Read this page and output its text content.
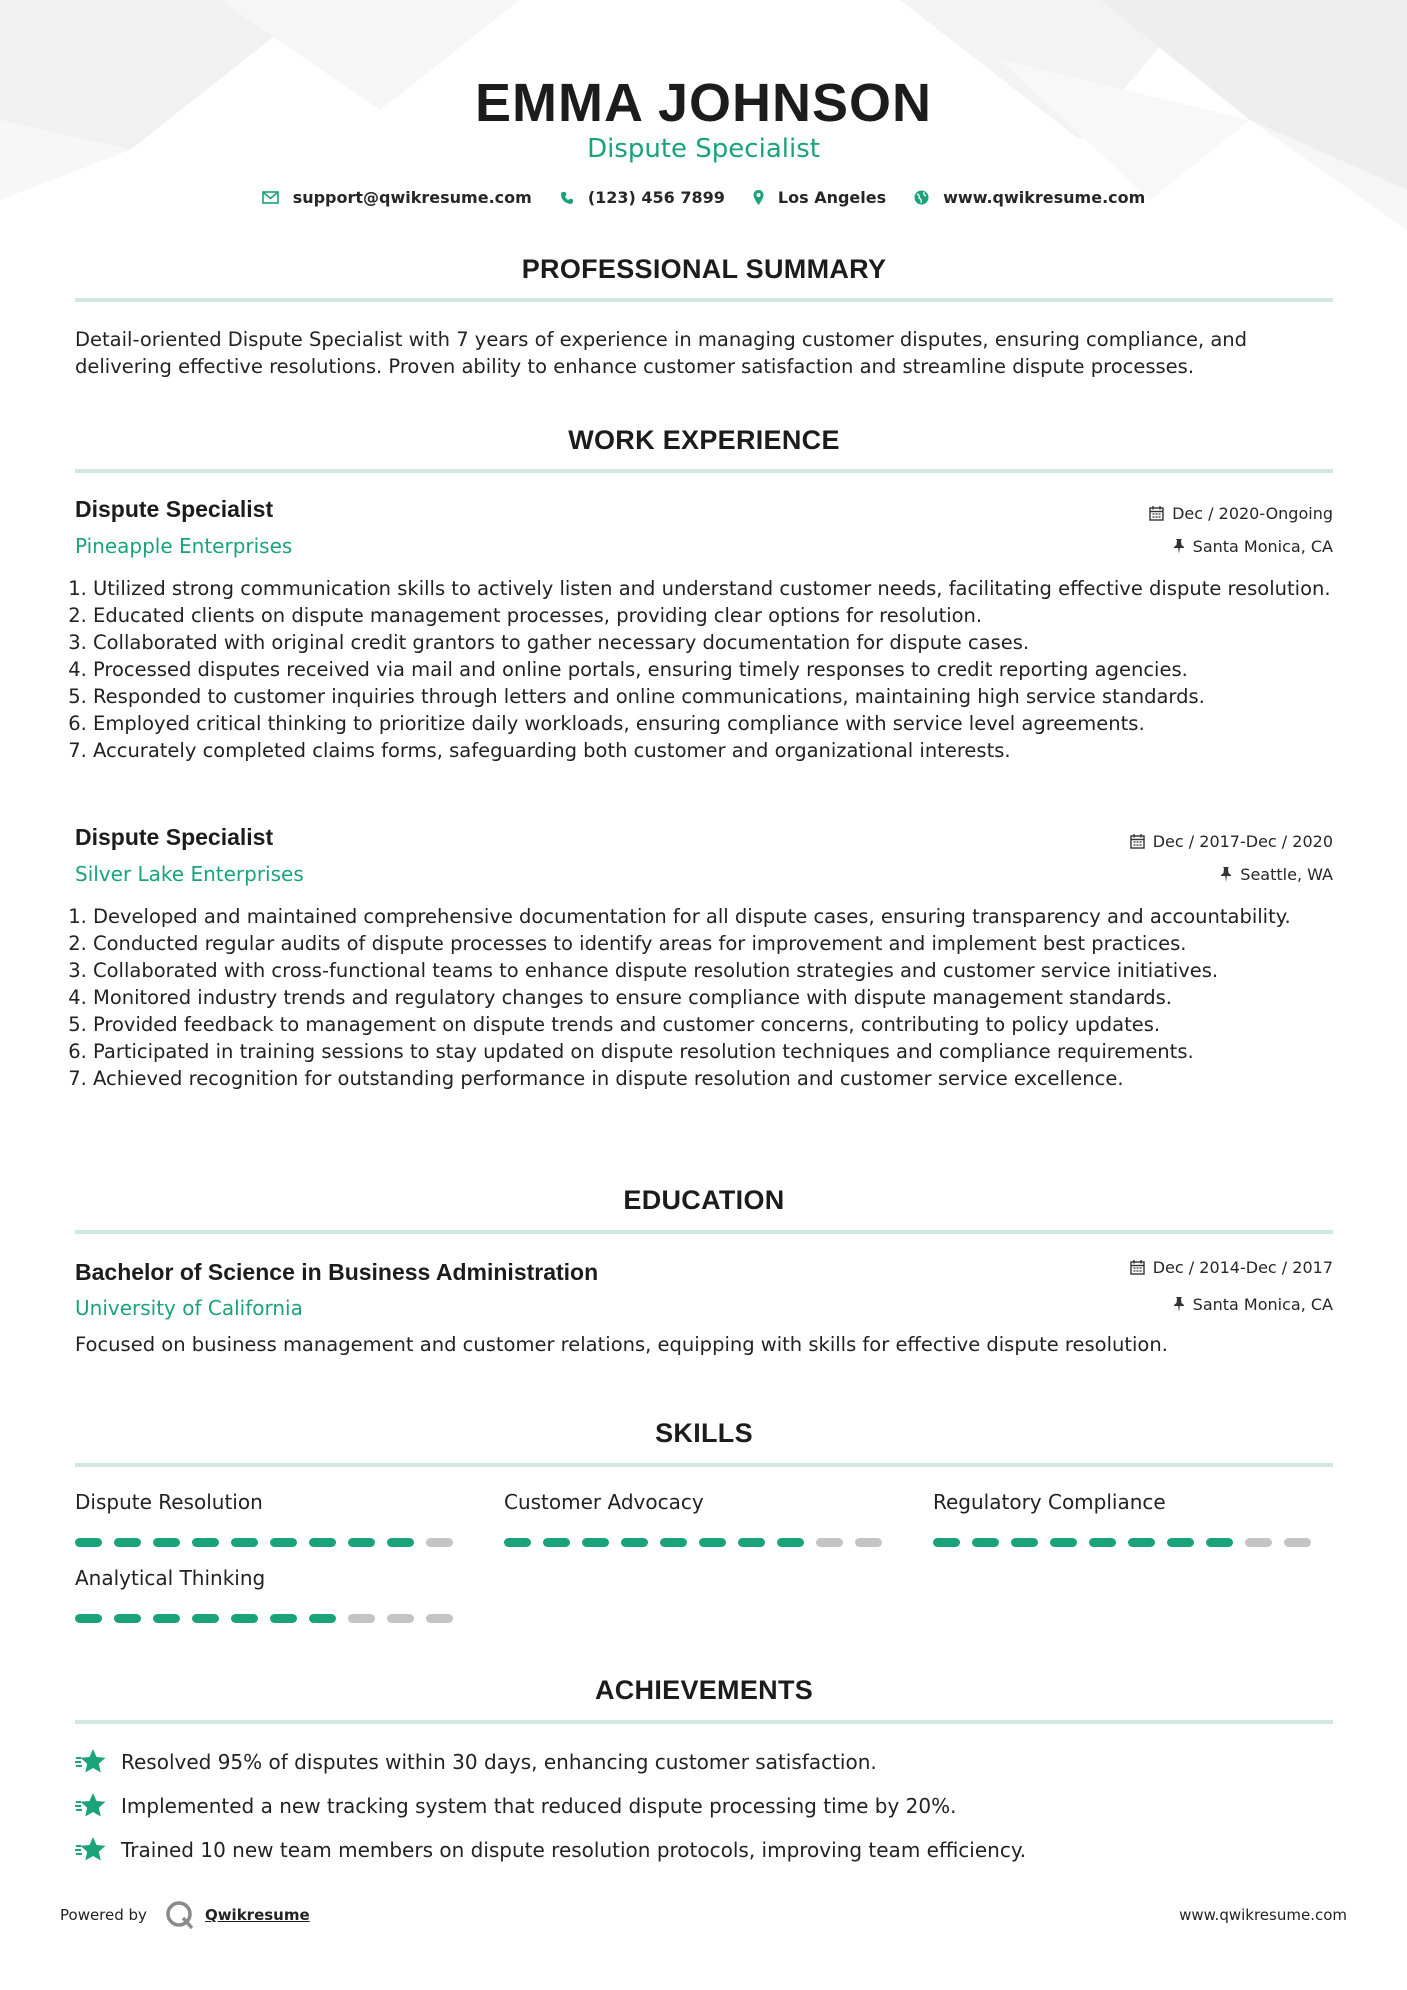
EMMA JOHNSON
Dispute Specialist
support@qwikresume.com	(123) 456 7899	Los Angeles	www.qwikresume.com
PROFESSIONAL SUMMARY
Detail-oriented Dispute Specialist with 7 years of experience in managing customer disputes, ensuring compliance, and delivering effective resolutions. Proven ability to enhance customer satisfaction and streamline dispute processes.
WORK EXPERIENCE
Dispute Specialist	Dec / 2020-Ongoing
Pineapple Enterprises	Santa Monica, CA
1. Utilized strong communication skills to actively listen and understand customer needs, facilitating effective dispute resolution.
2. Educated clients on dispute management processes, providing clear options for resolution.
3. Collaborated with original credit grantors to gather necessary documentation for dispute cases.
4. Processed disputes received via mail and online portals, ensuring timely responses to credit reporting agencies.
5. Responded to customer inquiries through letters and online communications, maintaining high service standards.
6. Employed critical thinking to prioritize daily workloads, ensuring compliance with service level agreements.
7. Accurately completed claims forms, safeguarding both customer and organizational interests.
Dispute Specialist	Dec / 2017-Dec / 2020
Silver Lake Enterprises	Seattle, WA
1. Developed and maintained comprehensive documentation for all dispute cases, ensuring transparency and accountability.
2. Conducted regular audits of dispute processes to identify areas for improvement and implement best practices.
3. Collaborated with cross-functional teams to enhance dispute resolution strategies and customer service initiatives.
4. Monitored industry trends and regulatory changes to ensure compliance with dispute management standards.
5. Provided feedback to management on dispute trends and customer concerns, contributing to policy updates.
6. Participated in training sessions to stay updated on dispute resolution techniques and compliance requirements.
7. Achieved recognition for outstanding performance in dispute resolution and customer service excellence.
EDUCATION
Bachelor of Science in Business Administration	Dec / 2014-Dec / 2017
University of California	Santa Monica, CA
Focused on business management and customer relations, equipping with skills for effective dispute resolution.
SKILLS
Dispute Resolution	Customer Advocacy	Regulatory Compliance
Analytical Thinking
ACHIEVEMENTS
Resolved 95% of disputes within 30 days, enhancing customer satisfaction.
Implemented a new tracking system that reduced dispute processing time by 20%.
Trained 10 new team members on dispute resolution protocols, improving team efficiency.
Powered by	Qwikresume	www.qwikresume.com
